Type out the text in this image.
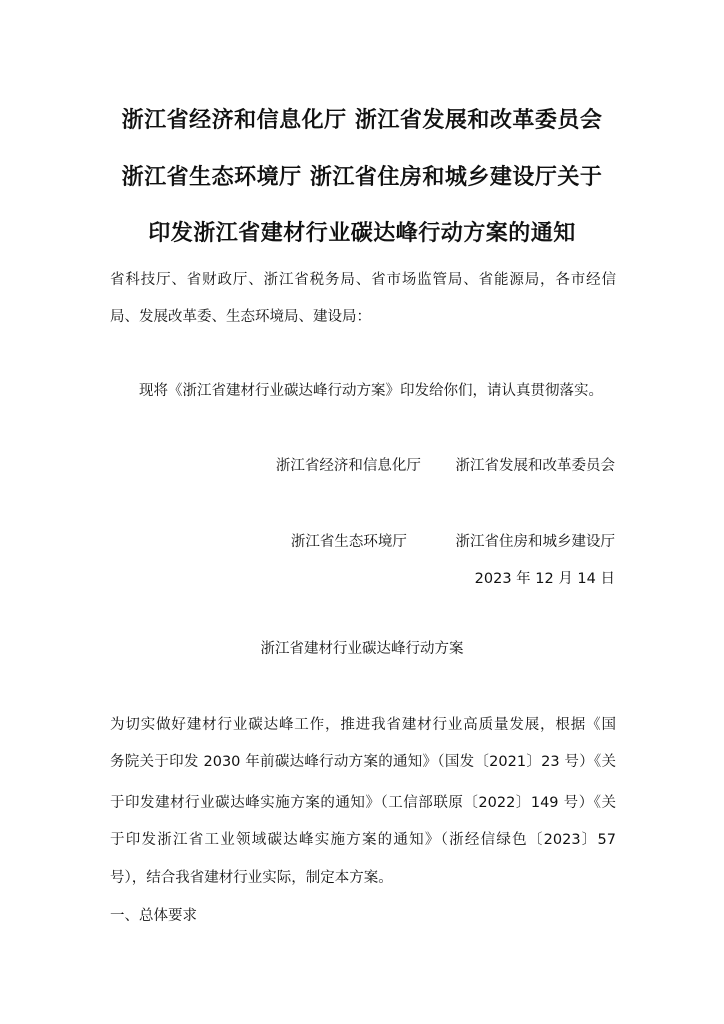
浙江省经济和信息化厅 浙江省发展和改革委员会
浙江省生态环境厅 浙江省住房和城乡建设厅关于
印发浙江省建材行业碳达峰行动方案的通知
省科技厅、省财政厅、浙江省税务局、省市场监管局、省能源局，各市经信
局、发展改革委、生态环境局、建设局：
现将《浙江省建材行业碳达峰行动方案》印发给你们，请认真贯彻落实。
浙江省经济和信息化厅 浙江省发展和改革委员会
浙江省生态环境厅	浙江省住房和城乡建设厅
2023 年 12 月 14 日
浙江省建材行业碳达峰行动方案
为切实做好建材行业碳达峰工作，推进我省建材行业高质量发展，根据《国
务院关于印发 2030 年前碳达峰行动方案的通知》（国发〔2021〕23 号）《关
于印发建材行业碳达峰实施方案的通知》（工信部联原〔2022〕149 号）《关
于印发浙江省工业领域碳达峰实施方案的通知》（浙经信绿色〔2023〕57
号），结合我省建材行业实际，制定本方案。
一、总体要求
